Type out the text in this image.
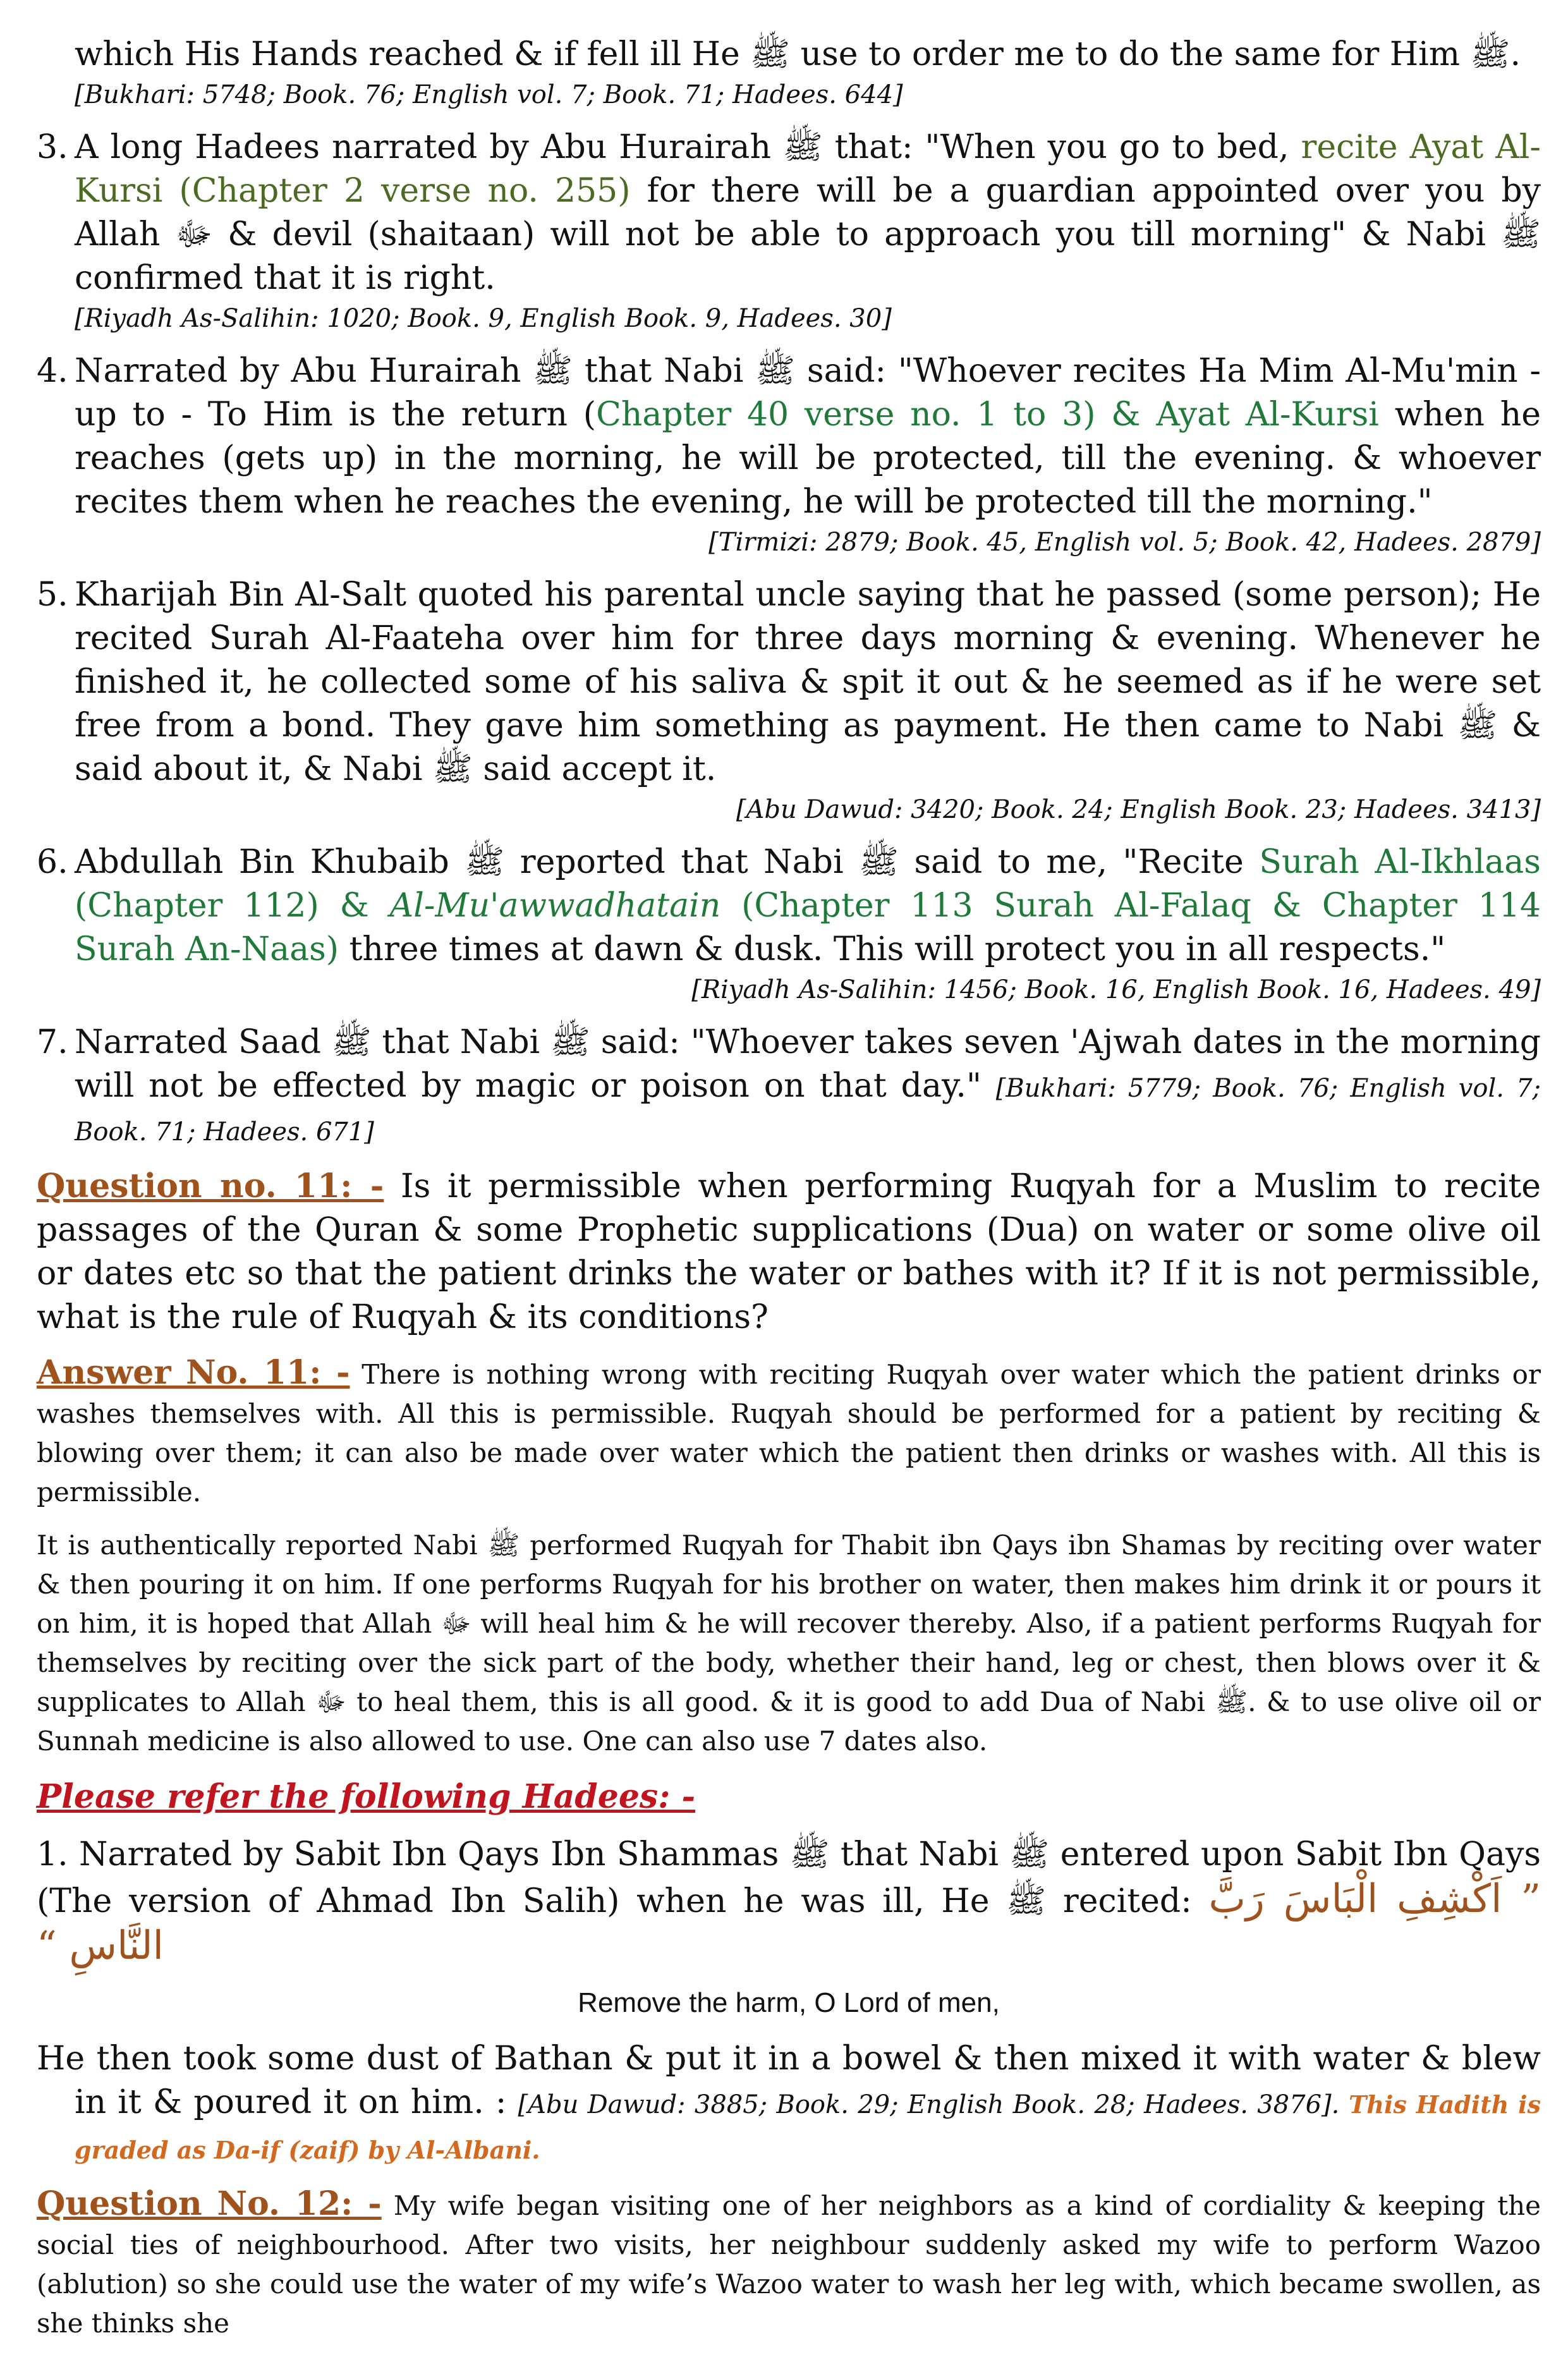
which His Hands reached & if fell ill He ﷺ use to order me to do the same for Him ﷺ.
[Bukhari: 5748; Book. 76; English vol. 7; Book. 71; Hadees. 644]
3. A long Hadees narrated by Abu Hurairah ﷺ that: "When you go to bed, recite Ayat Al-Kursi (Chapter 2 verse no. 255) for there will be a guardian appointed over you by Allah ﷻ & devil (shaitaan) will not be able to approach you till morning" & Nabi ﷺ confirmed that it is right.
[Riyadh As-Salihin: 1020; Book. 9, English Book. 9, Hadees. 30]
4. Narrated by Abu Hurairah ﷺ that Nabi ﷺ said: "Whoever recites Ha Mim Al-Mu'min - up to - To Him is the return (Chapter 40 verse no. 1 to 3) & Ayat Al-Kursi when he reaches (gets up) in the morning, he will be protected, till the evening. & whoever recites them when he reaches the evening, he will be protected till the morning."
[Tirmizi: 2879; Book. 45, English vol. 5; Book. 42, Hadees. 2879]
5. Kharijah Bin Al-Salt quoted his parental uncle saying that he passed (some person); He recited Surah Al-Faateha over him for three days morning & evening. Whenever he finished it, he collected some of his saliva & spit it out & he seemed as if he were set free from a bond. They gave him something as payment. He then came to Nabi ﷺ & said about it, & Nabi ﷺ said accept it.
[Abu Dawud: 3420; Book. 24; English Book. 23; Hadees. 3413]
6. Abdullah Bin Khubaib ﷺ reported that Nabi ﷺ said to me, "Recite Surah Al-Ikhlaas (Chapter 112) & Al-Mu'awwadhatain (Chapter 113 Surah Al-Falaq & Chapter 114 Surah An-Naas) three times at dawn & dusk. This will protect you in all respects."
[Riyadh As-Salihin: 1456; Book. 16, English Book. 16, Hadees. 49]
7. Narrated Saad ﷺ that Nabi ﷺ said: "Whoever takes seven 'Ajwah dates in the morning will not be effected by magic or poison on that day." [Bukhari: 5779; Book. 76; English vol. 7; Book. 71; Hadees. 671]
Question no. 11: - Is it permissible when performing Ruqyah for a Muslim to recite passages of the Quran & some Prophetic supplications (Dua) on water or some olive oil or dates etc so that the patient drinks the water or bathes with it? If it is not permissible, what is the rule of Ruqyah & its conditions?
Answer No. 11: - There is nothing wrong with reciting Ruqyah over water which the patient drinks or washes themselves with. All this is permissible. Ruqyah should be performed for a patient by reciting & blowing over them; it can also be made over water which the patient then drinks or washes with. All this is permissible.
It is authentically reported Nabi ﷺ performed Ruqyah for Thabit ibn Qays ibn Shamas by reciting over water & then pouring it on him. If one performs Ruqyah for his brother on water, then makes him drink it or pours it on him, it is hoped that Allah ﷻ will heal him & he will recover thereby. Also, if a patient performs Ruqyah for themselves by reciting over the sick part of the body, whether their hand, leg or chest, then blows over it & supplicates to Allah ﷻ to heal them, this is all good. & it is good to add Dua of Nabi ﷺ. & to use olive oil or Sunnah medicine is also allowed to use. One can also use 7 dates also.
Please refer the following Hadees: -
1. Narrated by Sabit Ibn Qays Ibn Shammas ﷺ that Nabi ﷺ entered upon Sabit Ibn Qays (The version of Ahmad Ibn Salih) when he was ill, He ﷺ recited: ” اَكْشِفِ الْبَاسَ رَبَّ النَّاسِ “
Remove the harm, O Lord of men,
He then took some dust of Bathan & put it in a bowel & then mixed it with water & blew in it & poured it on him. : [Abu Dawud: 3885; Book. 29; English Book. 28; Hadees. 3876]. This Hadith is graded as Da-if (zaif) by Al-Albani.
Question No. 12: - My wife began visiting one of her neighbors as a kind of cordiality & keeping the social ties of neighbourhood. After two visits, her neighbour suddenly asked my wife to perform Wazoo (ablution) so she could use the water of my wife’s Wazoo water to wash her leg with, which became swollen, as she thinks she
